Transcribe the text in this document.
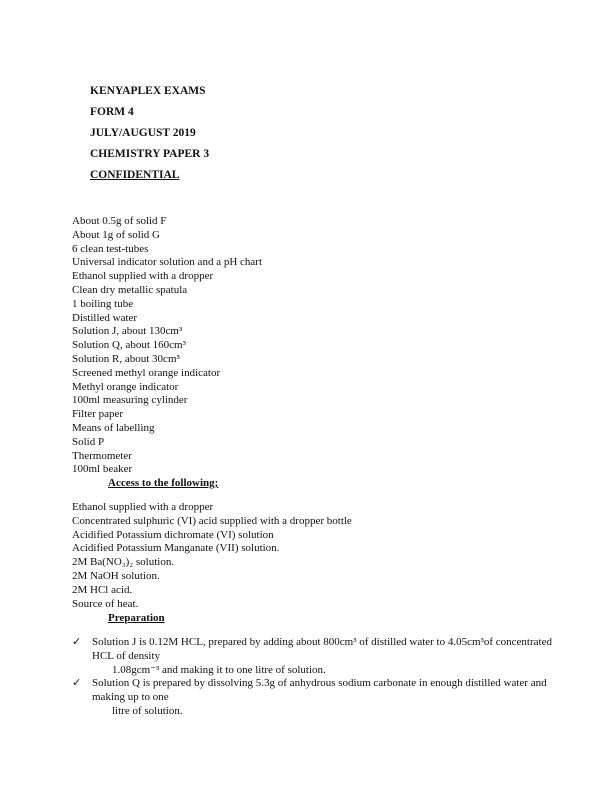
KENYAPLEX EXAMS
FORM 4
JULY/AUGUST 2019
CHEMISTRY PAPER 3
CONFIDENTIAL
About 0.5g of solid F
About 1g of solid G
6 clean test-tubes
Universal indicator solution and a pH chart
Ethanol supplied with a dropper
Clean dry metallic spatula
1 boiling tube
Distilled water
Solution J, about 130cm³
Solution Q, about 160cm³
Solution R, about 30cm³
Screened methyl orange indicator
Methyl orange indicator
100ml measuring cylinder
Filter paper
Means of labelling
Solid P
Thermometer
100ml beaker
Access to the following;
Ethanol supplied with a dropper
Concentrated sulphuric (VI) acid supplied with a dropper bottle
Acidified Potassium dichromate (VI) solution
Acidified Potassium Manganate (VII) solution.
2M Ba(NO₃)₂ solution.
2M NaOH solution.
2M HCl acid.
Source of heat.
Preparation
✓ Solution J is 0.12M HCL, prepared by adding about 800cm³ of distilled water to 4.05cm³of concentrated HCL of density
1.08gcm⁻³ and making it to one litre of solution.
✓ Solution Q is prepared by dissolving 5.3g of anhydrous sodium carbonate in enough distilled water and making up to one
litre of solution.
